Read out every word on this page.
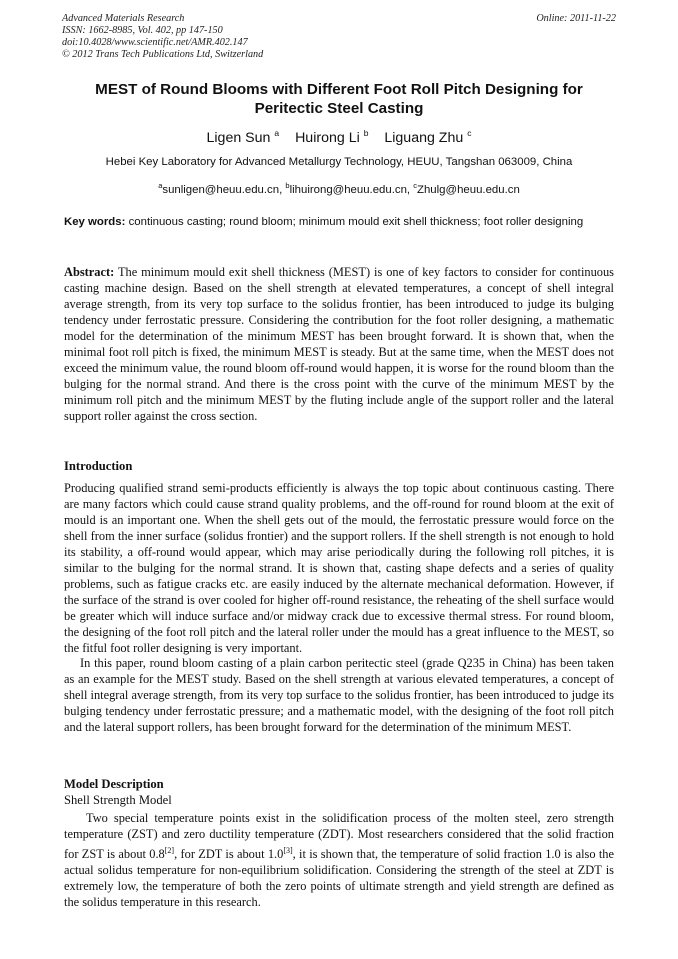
Advanced Materials Research
ISSN: 1662-8985, Vol. 402, pp 147-150
doi:10.4028/www.scientific.net/AMR.402.147
© 2012 Trans Tech Publications Ltd, Switzerland
Online: 2011-11-22
MEST of Round Blooms with Different Foot Roll Pitch Designing for Peritectic Steel Casting
Ligen Sun $^a$ Huirong Li $^b$ Liguang Zhu $^c$
Hebei Key Laboratory for Advanced Metallurgy Technology, HEUU, Tangshan 063009, China
$^a$sunligen@heuu.edu.cn, $^b$lihuirong@heuu.edu.cn, $^c$Zhulg@heuu.edu.cn
Key words: continuous casting; round bloom; minimum mould exit shell thickness; foot roller designing
Abstract: The minimum mould exit shell thickness (MEST) is one of key factors to consider for continuous casting machine design. Based on the shell strength at elevated temperatures, a concept of shell integral average strength, from its very top surface to the solidus frontier, has been introduced to judge its bulging tendency under ferrostatic pressure. Considering the contribution for the foot roller designing, a mathematic model for the determination of the minimum MEST has been brought forward. It is shown that, when the minimal foot roll pitch is fixed, the minimum MEST is steady. But at the same time, when the MEST does not exceed the minimum value, the round bloom off-round would happen, it is worse for the round bloom than the bulging for the normal strand. And there is the cross point with the curve of the minimum MEST by the minimum roll pitch and the minimum MEST by the fluting include angle of the support roller and the lateral support roller against the cross section.
Introduction

Producing qualified strand semi-products efficiently is always the top topic about continuous casting. There are many factors which could cause strand quality problems, and the off-round for round bloom at the exit of mould is an important one. When the shell gets out of the mould, the ferrostatic pressure would force on the shell from the inner surface (solidus frontier) and the support rollers. If the shell strength is not enough to hold its stability, a off-round would appear, which may arise periodically during the following roll pitches, it is similar to the bulging for the normal strand. It is shown that, casting shape defects and a series of quality problems, such as fatigue cracks etc. are easily induced by the alternate mechanical deformation. However, if the surface of the strand is over cooled for higher off-round resistance, the reheating of the shell surface would be greater which will induce surface and/or midway crack due to excessive thermal stress. For round bloom, the designing of the foot roll pitch and the lateral roller under the mould has a great influence to the MEST, so the fitful foot roller designing is very important.

In this paper, round bloom casting of a plain carbon peritectic steel (grade Q235 in China) has been taken as an example for the MEST study. Based on the shell strength at various elevated temperatures, a concept of shell integral average strength, from its very top surface to the solidus frontier, has been introduced to judge its bulging tendency under ferrostatic pressure; and a mathematic model, with the designing of the foot roll pitch and the lateral support rollers, has been brought forward for the determination of the minimum MEST.

Model Description
Shell Strength Model
Two special temperature points exist in the solidification process of the molten steel, zero strength temperature (ZST) and zero ductility temperature (ZDT). Most researchers considered that the solid fraction for ZST is about 0.8[2], for ZDT is about 1.0[3], it is shown that, the temperature of solid fraction 1.0 is also the actual solidus temperature for non-equilibrium solidification. Considering the strength of the steel at ZDT is extremely low, the temperature of both the zero points of ultimate strength and yield strength are defined as the solidus temperature in this research.
